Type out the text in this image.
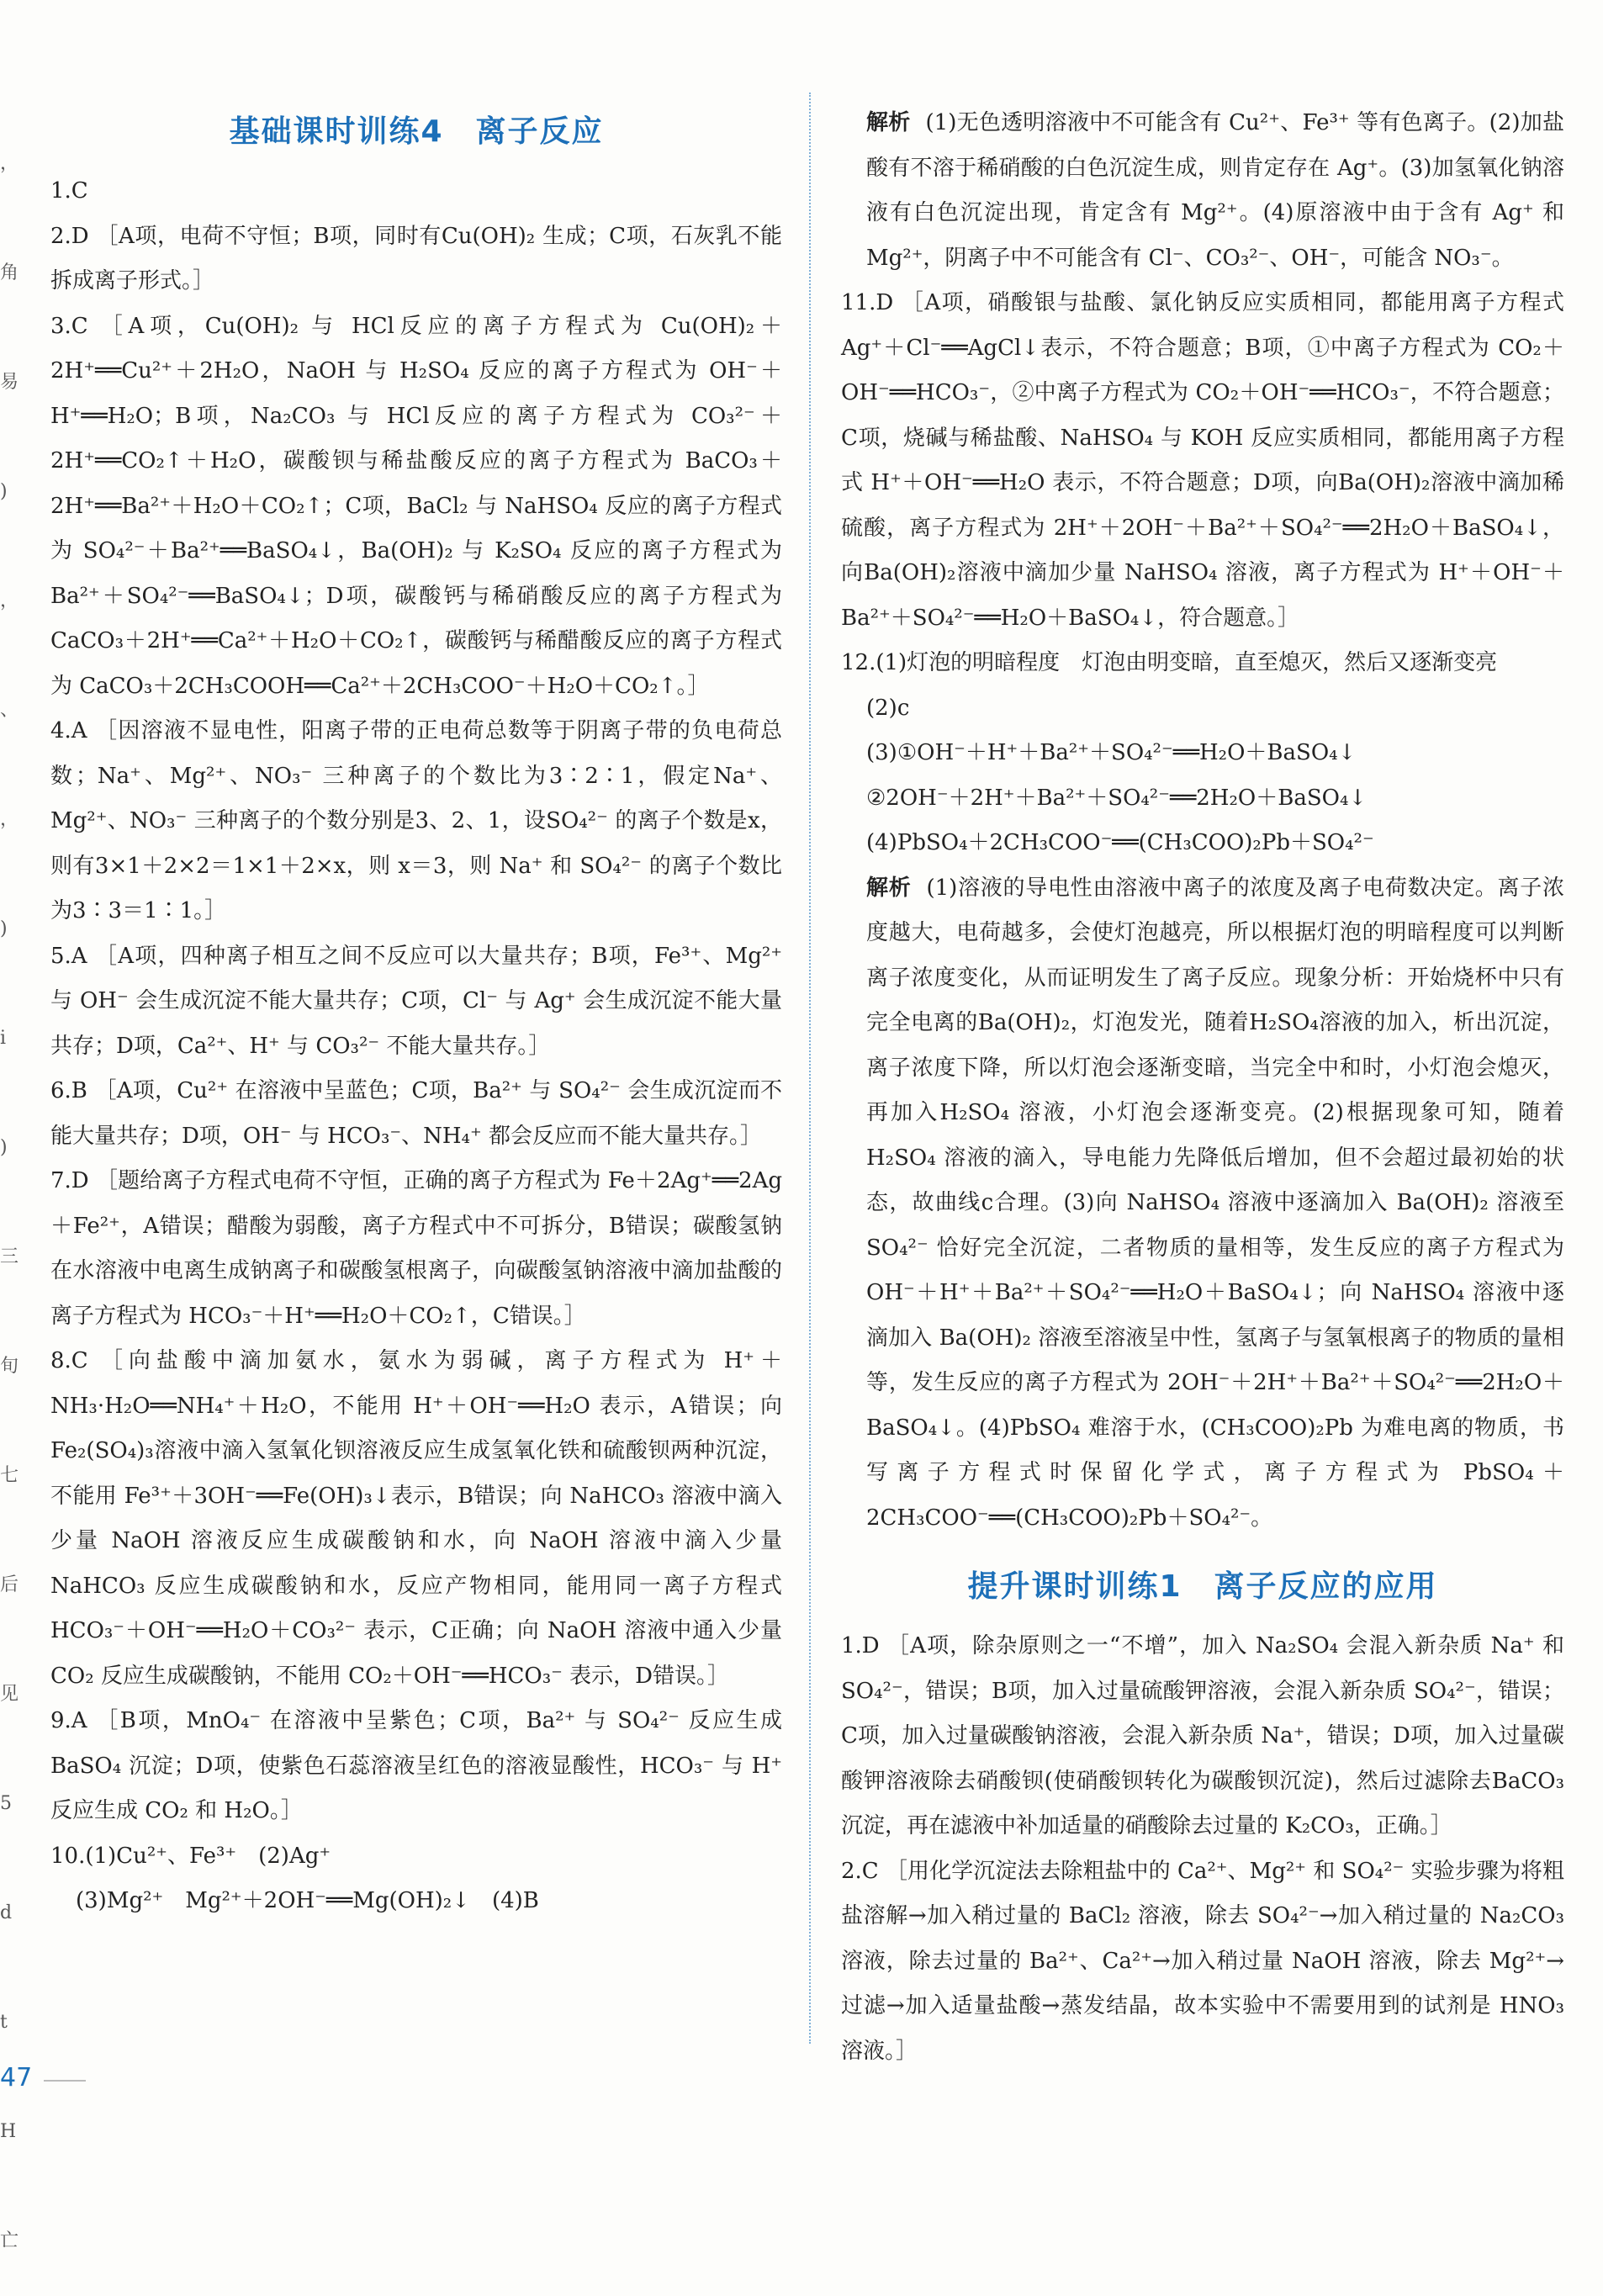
，
角
易
)
，
、
，
)
i
)
三
旬
七
后
见
5
d
t
H
亡
基础课时训练4　离子反应

1.C

2.D ［A项，电荷不守恒；B项，同时有Cu(OH)₂ 生成；C项，石灰乳不能拆成离子形式。］

3.C ［A项，Cu(OH)₂ 与 HCl反应的离子方程式为 Cu(OH)₂＋2H⁺══Cu²⁺＋2H₂O，NaOH 与 H₂SO₄ 反应的离子方程式为 OH⁻＋H⁺══H₂O；B项，Na₂CO₃ 与 HCl反应的离子方程式为 CO₃²⁻＋2H⁺══CO₂↑＋H₂O，碳酸钡与稀盐酸反应的离子方程式为 BaCO₃＋2H⁺══Ba²⁺＋H₂O＋CO₂↑；C项，BaCl₂ 与 NaHSO₄ 反应的离子方程式为 SO₄²⁻＋Ba²⁺══BaSO₄↓，Ba(OH)₂ 与 K₂SO₄ 反应的离子方程式为 Ba²⁺＋SO₄²⁻══BaSO₄↓；D项，碳酸钙与稀硝酸反应的离子方程式为 CaCO₃＋2H⁺══Ca²⁺＋H₂O＋CO₂↑，碳酸钙与稀醋酸反应的离子方程式为 CaCO₃＋2CH₃COOH══Ca²⁺＋2CH₃COO⁻＋H₂O＋CO₂↑。］

4.A ［因溶液不显电性，阳离子带的正电荷总数等于阴离子带的负电荷总数；Na⁺、Mg²⁺、NO₃⁻ 三种离子的个数比为3∶2∶1，假定Na⁺、Mg²⁺、NO₃⁻ 三种离子的个数分别是3、2、1，设SO₄²⁻ 的离子个数是x，则有3×1＋2×2＝1×1＋2×x，则 x＝3，则 Na⁺ 和 SO₄²⁻ 的离子个数比为3∶3＝1∶1。］

5.A ［A项，四种离子相互之间不反应可以大量共存；B项，Fe³⁺、Mg²⁺ 与 OH⁻ 会生成沉淀不能大量共存；C项，Cl⁻ 与 Ag⁺ 会生成沉淀不能大量共存；D项，Ca²⁺、H⁺ 与 CO₃²⁻ 不能大量共存。］

6.B ［A项，Cu²⁺ 在溶液中呈蓝色；C项，Ba²⁺ 与 SO₄²⁻ 会生成沉淀而不能大量共存；D项，OH⁻ 与 HCO₃⁻、NH₄⁺ 都会反应而不能大量共存。］

7.D ［题给离子方程式电荷不守恒，正确的离子方程式为 Fe＋2Ag⁺══2Ag＋Fe²⁺，A错误；醋酸为弱酸，离子方程式中不可拆分，B错误；碳酸氢钠在水溶液中电离生成钠离子和碳酸氢根离子，向碳酸氢钠溶液中滴加盐酸的离子方程式为 HCO₃⁻＋H⁺══H₂O＋CO₂↑，C错误。］

8.C ［向盐酸中滴加氨水，氨水为弱碱，离子方程式为 H⁺＋NH₃·H₂O══NH₄⁺＋H₂O，不能用 H⁺＋OH⁻══H₂O 表示，A错误；向Fe₂(SO₄)₃溶液中滴入氢氧化钡溶液反应生成氢氧化铁和硫酸钡两种沉淀，不能用 Fe³⁺＋3OH⁻══Fe(OH)₃↓表示，B错误；向 NaHCO₃ 溶液中滴入少量 NaOH 溶液反应生成碳酸钠和水，向 NaOH 溶液中滴入少量 NaHCO₃ 反应生成碳酸钠和水，反应产物相同，能用同一离子方程式 HCO₃⁻＋OH⁻══H₂O＋CO₃²⁻ 表示，C正确；向 NaOH 溶液中通入少量 CO₂ 反应生成碳酸钠，不能用 CO₂＋OH⁻══HCO₃⁻ 表示，D错误。］

9.A ［B项，MnO₄⁻ 在溶液中呈紫色；C项，Ba²⁺ 与 SO₄²⁻ 反应生成 BaSO₄ 沉淀；D项，使紫色石蕊溶液呈红色的溶液显酸性，HCO₃⁻ 与 H⁺ 反应生成 CO₂ 和 H₂O。］

10.(1)Cu²⁺、Fe³⁺　(2)Ag⁺

(3)Mg²⁺　Mg²⁺＋2OH⁻══Mg(OH)₂↓　(4)B

解析 (1)无色透明溶液中不可能含有 Cu²⁺、Fe³⁺ 等有色离子。(2)加盐酸有不溶于稀硝酸的白色沉淀生成，则肯定存在 Ag⁺。(3)加氢氧化钠溶液有白色沉淀出现，肯定含有 Mg²⁺。(4)原溶液中由于含有 Ag⁺ 和 Mg²⁺，阴离子中不可能含有 Cl⁻、CO₃²⁻、OH⁻，可能含 NO₃⁻。

11.D ［A项，硝酸银与盐酸、氯化钠反应实质相同，都能用离子方程式 Ag⁺＋Cl⁻══AgCl↓表示，不符合题意；B项，①中离子方程式为 CO₂＋OH⁻══HCO₃⁻，②中离子方程式为 CO₂＋OH⁻══HCO₃⁻，不符合题意；C项，烧碱与稀盐酸、NaHSO₄ 与 KOH 反应实质相同，都能用离子方程式 H⁺＋OH⁻══H₂O 表示，不符合题意；D项，向Ba(OH)₂溶液中滴加稀硫酸，离子方程式为 2H⁺＋2OH⁻＋Ba²⁺＋SO₄²⁻══2H₂O＋BaSO₄↓，向Ba(OH)₂溶液中滴加少量 NaHSO₄ 溶液，离子方程式为 H⁺＋OH⁻＋Ba²⁺＋SO₄²⁻══H₂O＋BaSO₄↓，符合题意。］

12.(1)灯泡的明暗程度　灯泡由明变暗，直至熄灭，然后又逐渐变亮

(2)c

(3)①OH⁻＋H⁺＋Ba²⁺＋SO₄²⁻══H₂O＋BaSO₄↓

②2OH⁻＋2H⁺＋Ba²⁺＋SO₄²⁻══2H₂O＋BaSO₄↓

(4)PbSO₄＋2CH₃COO⁻══(CH₃COO)₂Pb＋SO₄²⁻

解析 (1)溶液的导电性由溶液中离子的浓度及离子电荷数决定。离子浓度越大，电荷越多，会使灯泡越亮，所以根据灯泡的明暗程度可以判断离子浓度变化，从而证明发生了离子反应。现象分析：开始烧杯中只有完全电离的Ba(OH)₂，灯泡发光，随着H₂SO₄溶液的加入，析出沉淀，离子浓度下降，所以灯泡会逐渐变暗，当完全中和时，小灯泡会熄灭，再加入H₂SO₄ 溶液，小灯泡会逐渐变亮。(2)根据现象可知，随着H₂SO₄ 溶液的滴入，导电能力先降低后增加，但不会超过最初始的状态，故曲线c合理。(3)向 NaHSO₄ 溶液中逐滴加入 Ba(OH)₂ 溶液至 SO₄²⁻ 恰好完全沉淀，二者物质的量相等，发生反应的离子方程式为 OH⁻＋H⁺＋Ba²⁺＋SO₄²⁻══H₂O＋BaSO₄↓；向 NaHSO₄ 溶液中逐滴加入 Ba(OH)₂ 溶液至溶液呈中性，氢离子与氢氧根离子的物质的量相等，发生反应的离子方程式为 2OH⁻＋2H⁺＋Ba²⁺＋SO₄²⁻══2H₂O＋BaSO₄↓。(4)PbSO₄ 难溶于水，(CH₃COO)₂Pb 为难电离的物质，书写离子方程式时保留化学式，离子方程式为 PbSO₄＋2CH₃COO⁻══(CH₃COO)₂Pb＋SO₄²⁻。

提升课时训练1　离子反应的应用

1.D ［A项，除杂原则之一“不增”，加入 Na₂SO₄ 会混入新杂质 Na⁺ 和 SO₄²⁻，错误；B项，加入过量硫酸钾溶液，会混入新杂质 SO₄²⁻，错误；C项，加入过量碳酸钠溶液，会混入新杂质 Na⁺，错误；D项，加入过量碳酸钾溶液除去硝酸钡(使硝酸钡转化为碳酸钡沉淀)，然后过滤除去BaCO₃沉淀，再在滤液中补加适量的硝酸除去过量的 K₂CO₃，正确。］

2.C ［用化学沉淀法去除粗盐中的 Ca²⁺、Mg²⁺ 和 SO₄²⁻ 实验步骤为将粗盐溶解→加入稍过量的 BaCl₂ 溶液，除去 SO₄²⁻→加入稍过量的 Na₂CO₃ 溶液，除去过量的 Ba²⁺、Ca²⁺→加入稍过量 NaOH 溶液，除去 Mg²⁺→过滤→加入适量盐酸→蒸发结晶，故本实验中不需要用到的试剂是 HNO₃ 溶液。］

47
